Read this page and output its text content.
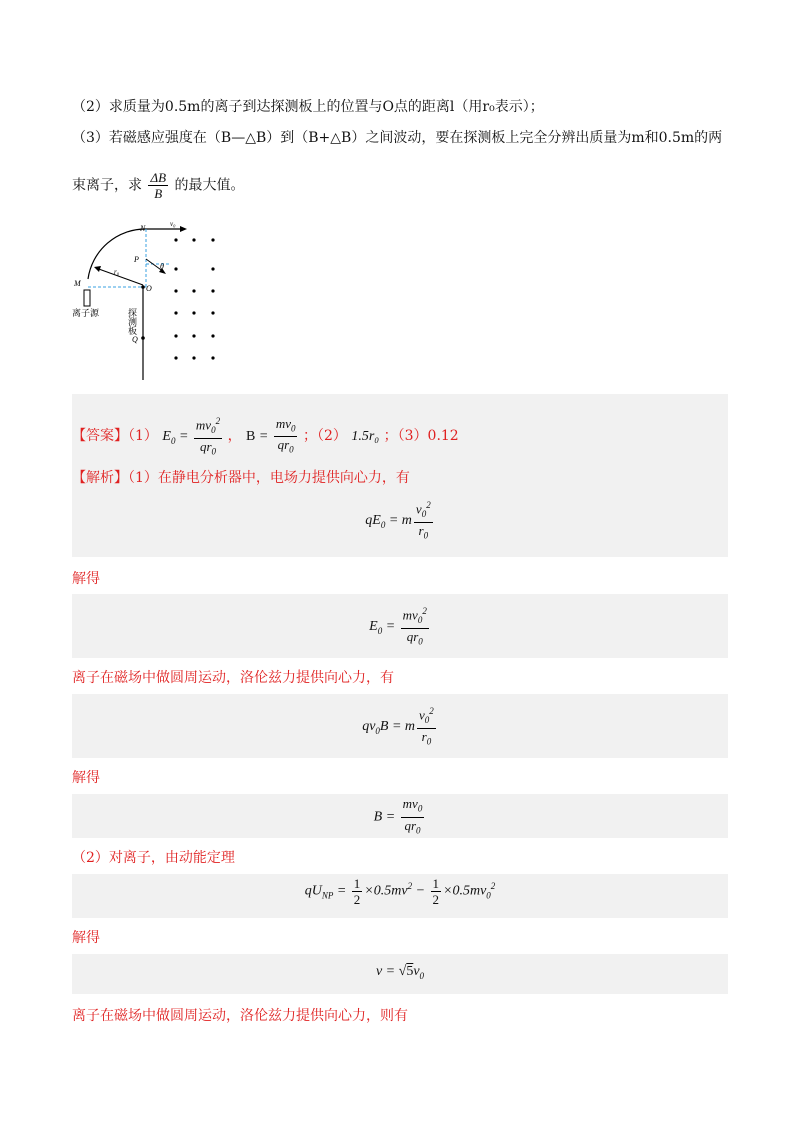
（2）求质量为0.5m的离子到达探测板上的位置与O点的距离l（用r₀表示）；
（3）若磁感应强度在（B—△B）到（B+△B）之间波动，要在探测板上完全分辨出质量为m和0.5m的两
束离子，求 $\frac{\Delta B}{B}$ 的最大值。
N	v₀
P
θ
r₀
M
O
Q
离子源	探测板
【答案】（1） $E_0 = \frac{mv_0^2}{qr_0}$ ， $B = \frac{mv_0}{qr_0}$ ；（2） 1.5r₀ ；（3）0.12
【解析】（1）在静电分析器中，电场力提供向心力，有
$qE_0 = m \frac{v_0^2}{r_0}$
解得
$E_0 = \frac{mv_0^2}{qr_0}$
离子在磁场中做圆周运动，洛伦兹力提供向心力，有
$qv_0B = m \frac{v_0^2}{r_0}$
解得
$B = \frac{mv_0}{qr_0}$
（2）对离子，由动能定理
$qU_{NP} = \frac{1}{2} \times 0.5mv^2 - \frac{1}{2} \times 0.5mv_0^2$
解得
$v = √5v_0$
离子在磁场中做圆周运动，洛伦兹力提供向心力，则有
